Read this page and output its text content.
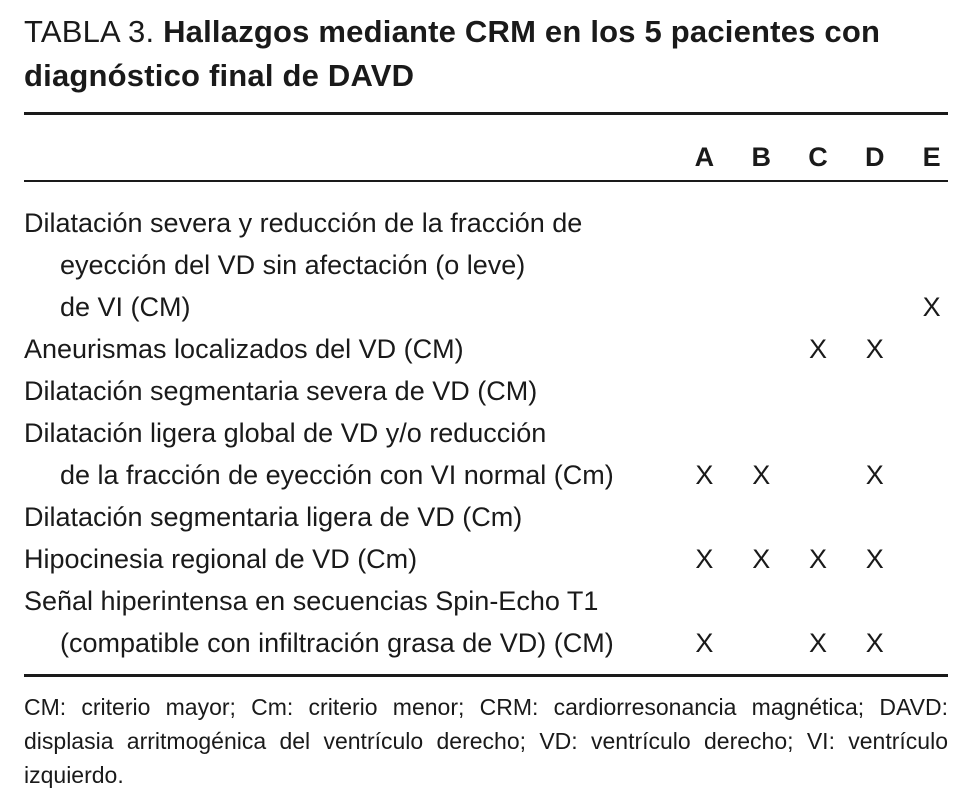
TABLA 3. Hallazgos mediante CRM en los 5 pacientes con diagnóstico final de DAVD
	A	B	C	D	E

Dilatación severa y reducción de la fracción de
eyección del VD sin afectación (o leve)
de VI (CM)					X

Aneurismas localizados del VD (CM)			X	X	

Dilatación segmentaria severa de VD (CM)					

Dilatación ligera global de VD y/o reducción
de la fracción de eyección con VI normal (Cm)	X	X		X	

Dilatación segmentaria ligera de VD (Cm)					

Hipocinesia regional de VD (Cm)	X	X	X	X	

Señal hiperintensa en secuencias Spin-Echo T1
(compatible con infiltración grasa de VD) (CM)	X		X	X	

CM: criterio mayor; Cm: criterio menor; CRM: cardiorresonancia magnética; DAVD: displasia arritmogénica del ventrículo derecho; VD: ventrículo derecho; VI: ventrículo izquierdo.
